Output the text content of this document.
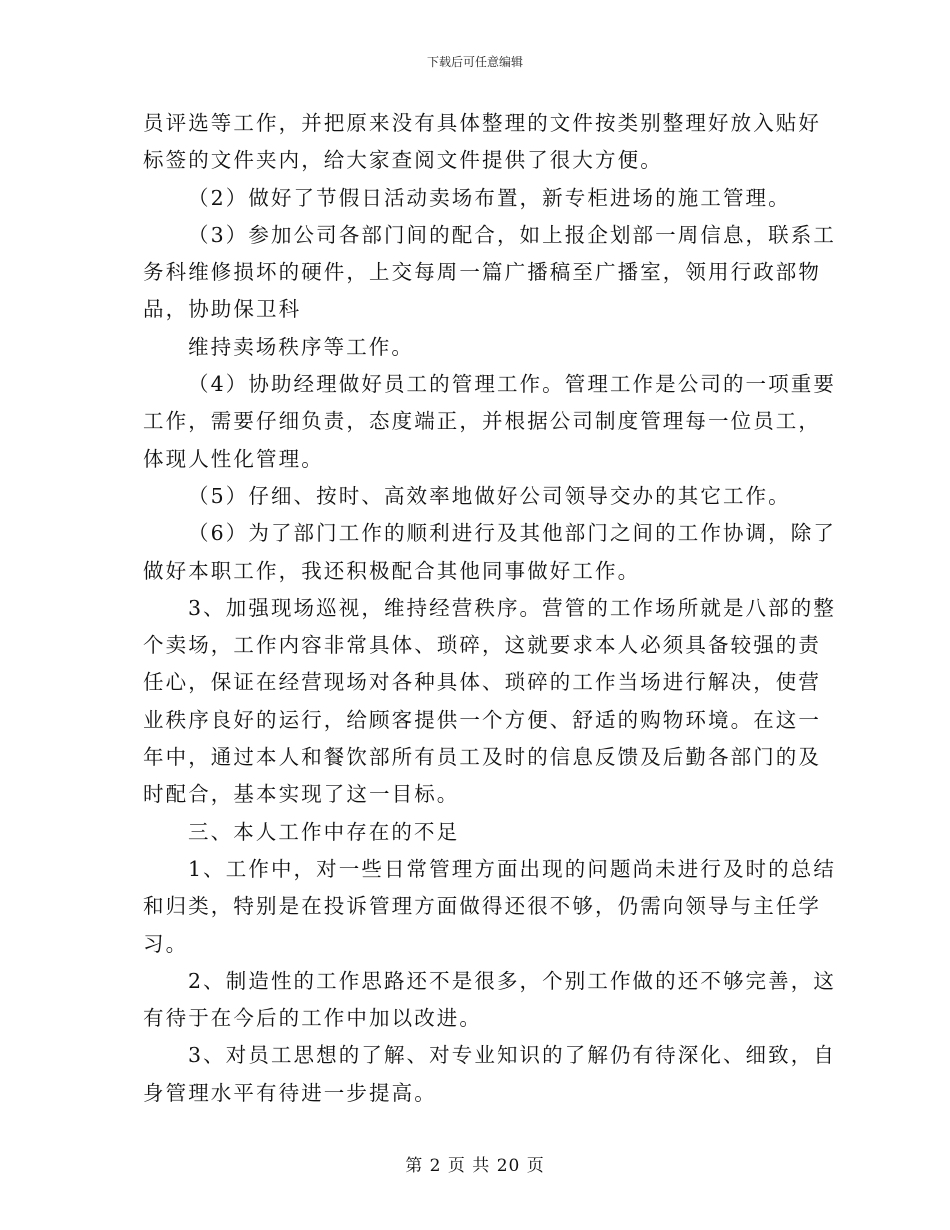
下载后可任意编辑
员评选等工作，并把原来没有具体整理的文件按类别整理好放入贴好
标签的文件夹内，给大家查阅文件提供了很大方便。
（2）做好了节假日活动卖场布置，新专柜进场的施工管理。
（3）参加公司各部门间的配合，如上报企划部一周信息，联系工
务科维修损坏的硬件，上交每周一篇广播稿至广播室，领用行政部物
品，协助保卫科
维持卖场秩序等工作。
（4）协助经理做好员工的管理工作。管理工作是公司的一项重要
工作，需要仔细负责，态度端正，并根据公司制度管理每一位员工，
体现人性化管理。
（5）仔细、按时、高效率地做好公司领导交办的其它工作。
（6）为了部门工作的顺利进行及其他部门之间的工作协调，除了
做好本职工作，我还积极配合其他同事做好工作。
3、加强现场巡视，维持经营秩序。营管的工作场所就是八部的整
个卖场，工作内容非常具体、琐碎，这就要求本人必须具备较强的责
任心，保证在经营现场对各种具体、琐碎的工作当场进行解决，使营
业秩序良好的运行，给顾客提供一个方便、舒适的购物环境。在这一
年中，通过本人和餐饮部所有员工及时的信息反馈及后勤各部门的及
时配合，基本实现了这一目标。
三、本人工作中存在的不足
1、工作中，对一些日常管理方面出现的问题尚未进行及时的总结
和归类，特别是在投诉管理方面做得还很不够，仍需向领导与主任学
习。
2、制造性的工作思路还不是很多，个别工作做的还不够完善，这
有待于在今后的工作中加以改进。
3、对员工思想的了解、对专业知识的了解仍有待深化、细致，自
身管理水平有待进一步提高。
第 2 页 共 20 页
